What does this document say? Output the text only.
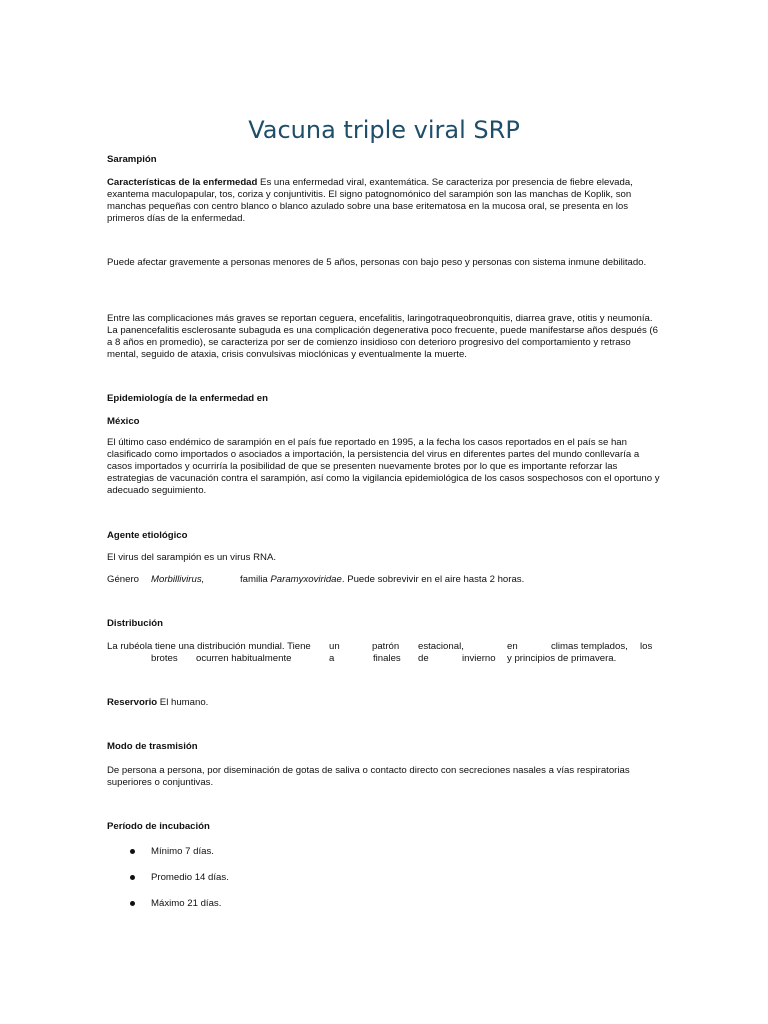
Vacuna triple viral SRP
Sarampión
Características de la enfermedad Es una enfermedad viral, exantemática. Se caracteriza por presencia de fiebre elevada, exantema maculopapular, tos, coriza y conjuntivitis. El signo patognomónico del sarampión son las manchas de Koplik, son manchas pequeñas con centro blanco o blanco azulado sobre una base eritematosa en la mucosa oral, se presenta en los primeros días de la enfermedad.
Puede afectar gravemente a personas menores de 5 años, personas con bajo peso y personas con sistema inmune debilitado.
Entre las complicaciones más graves se reportan ceguera, encefalitis, laringotraqueobronquitis, diarrea grave, otitis y neumonía. La panencefalitis esclerosante subaguda es una complicación degenerativa poco frecuente, puede manifestarse años después (6 a 8 años en promedio), se caracteriza por ser de comienzo insidioso con deterioro progresivo del comportamiento y retraso mental, seguido de ataxia, crisis convulsivas mioclónicas y eventualmente la muerte.
Epidemiología de la enfermedad en
México
El último caso endémico de sarampión en el país fue reportado en 1995, a la fecha los casos reportados en el país se han clasificado como importados o asociados a importación, la persistencia del virus en diferentes partes del mundo conllevaría a casos importados y ocurriría la posibilidad de que se presenten nuevamente brotes por lo que es importante reforzar las estrategias de vacunación contra el sarampión, así como la vigilancia epidemiológica de los casos sospechosos con el oportuno y adecuado seguimiento.
Agente etiológico
El virus del sarampión es un virus RNA.
Género Morbillivirus,	familia Paramyxoviridae. Puede sobrevivir en el aire hasta 2 horas.
Distribución
La rubéola tiene una distribución mundial. Tiene un	patrón estacional,	en	climas templados, los
brotes ocurren habitualmente	a	finales de	invierno y principios de primavera.
Reservorio El humano.
Modo de trasmisión
De persona a persona, por diseminación de gotas de saliva o contacto directo con secreciones nasales a vías respiratorias superiores o conjuntivas.
Período de incubación
Mínimo 7 días.
Promedio 14 días.
Máximo 21 días.
